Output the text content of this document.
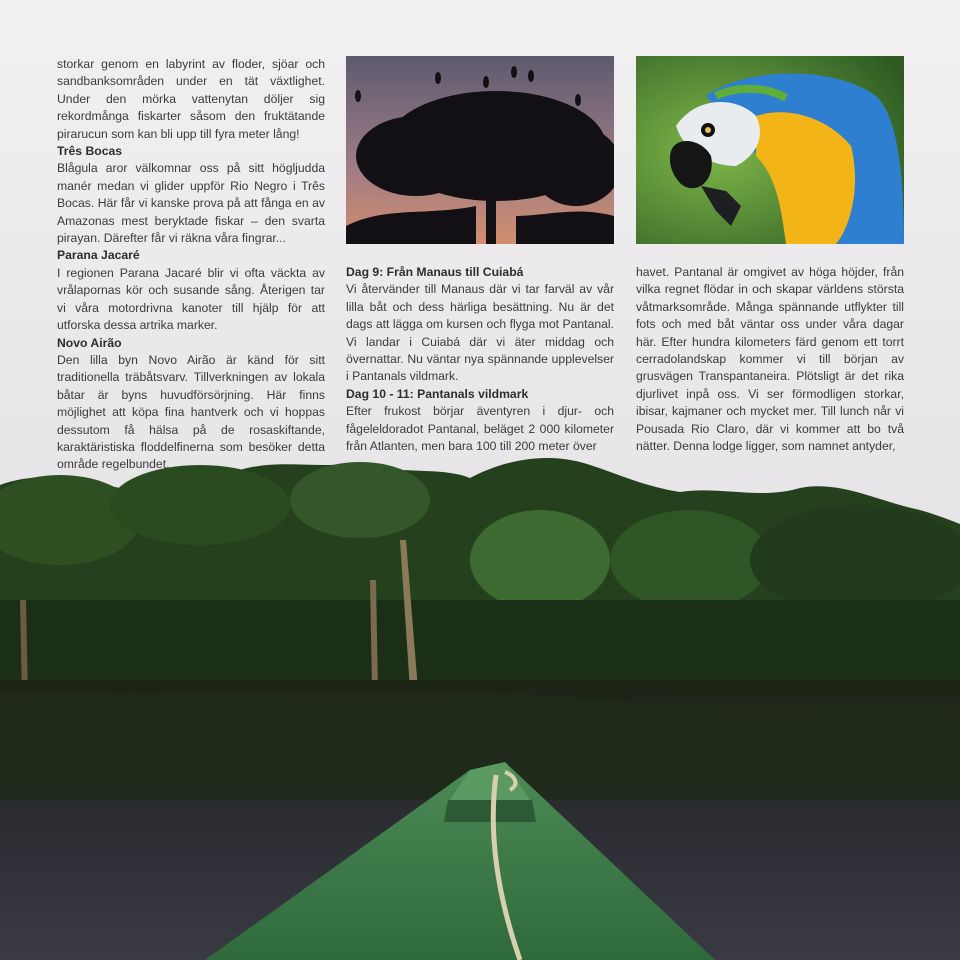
storkar genom en labyrint av floder, sjöar och sandbanksområden under en tät växtlighet. Under den mörka vattenytan döljer sig rekordmånga fiskarter såsom den fruktätande pirarucun som kan bli upp till fyra meter lång!

Três Bocas

Blågula aror välkomnar oss på sitt högljudda manér medan vi glider uppför Rio Negro i Três Bocas. Här får vi kanske prova på att fånga en av Amazonas mest beryktade fiskar – den svarta pirayan. Därefter får vi räkna våra fingrar...

Parana Jacaré

I regionen Parana Jacaré blir vi ofta väckta av vrålapornas kör och susande sång. Återigen tar vi våra motordrivna kanoter till hjälp för att utforska dessa artrika marker.

Novo Airão

Den lilla byn Novo Airão är känd för sitt traditionella träbåtsvarv. Tillverkningen av lokala båtar är byns huvudförsörjning. Här finns möjlighet att köpa fina hantverk och vi hoppas dessutom få hälsa på de rosaskiftande, karaktäristiska floddelfinerna som besöker detta område regelbundet.

Dag 9: Från Manaus till Cuiabá

Vi återvänder till Manaus där vi tar farväl av vår lilla båt och dess härliga besättning. Nu är det dags att lägga om kursen och flyga mot Pantanal. Vi landar i Cuiabá där vi äter middag och övernattar. Nu väntar nya spännande upplevelser i Pantanals vildmark.

Dag 10 - 11: Pantanals vildmark

Efter frukost börjar äventyren i djur- och fågeleldoradot Pantanal, beläget 2 000 kilometer från Atlanten, men bara 100 till 200 meter över

havet. Pantanal är omgivet av höga höjder, från vilka regnet flödar in och skapar världens största våtmarksområde. Många spännande utflykter till fots och med båt väntar oss under våra dagar här. Efter hundra kilometers färd genom ett torrt cerradolandskap kommer vi till början av grusvägen Transpantaneira. Plötsligt är det rika djurlivet inpå oss. Vi ser förmodligen storkar, ibisar, kajmaner och mycket mer. Till lunch når vi Pousada Rio Claro, där vi kommer att bo två nätter. Denna lodge ligger, som namnet antyder,
